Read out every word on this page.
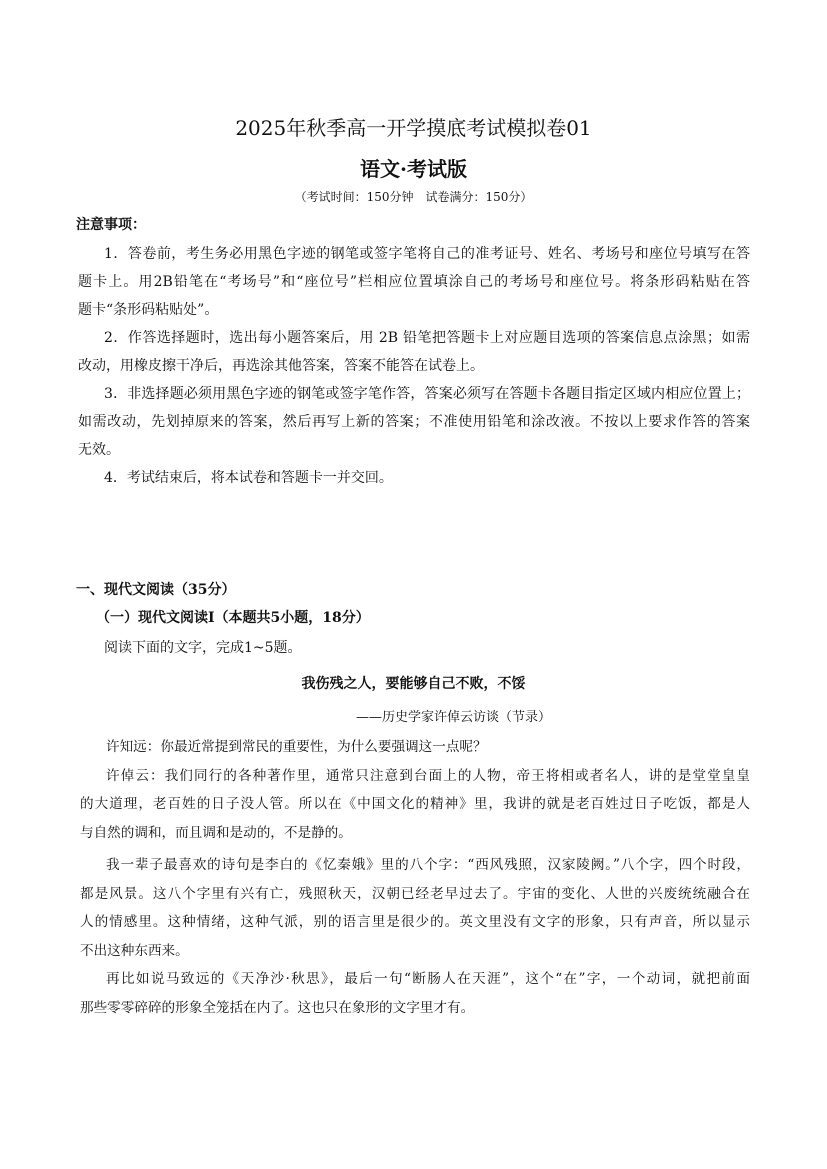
2025年秋季高一开学摸底考试模拟卷01
语文·考试版
（考试时间：150分钟　试卷满分：150分）
注意事项：
1．答卷前，考生务必用黑色字迹的钢笔或签字笔将自己的准考证号、姓名、考场号和座位号填写在答
题卡上。用2B铅笔在“考场号”和“座位号”栏相应位置填涂自己的考场号和座位号。将条形码粘贴在答
题卡“条形码粘贴处”。
2．作答选择题时，选出每小题答案后，用 2B 铅笔把答题卡上对应题目选项的答案信息点涂黑；如需
改动，用橡皮擦干净后，再选涂其他答案，答案不能答在试卷上。
3．非选择题必须用黑色字迹的钢笔或签字笔作答，答案必须写在答题卡各题目指定区域内相应位置上；
如需改动，先划掉原来的答案，然后再写上新的答案；不准使用铅笔和涂改液。不按以上要求作答的答案
无效。
4．考试结束后，将本试卷和答题卡一并交回。
一、现代文阅读（35分）
（一）现代文阅读Ⅰ（本题共5小题，18分）
阅读下面的文字，完成1~5题。
我伤残之人，要能够自己不败，不馁
——历史学家许倬云访谈（节录）
许知远：你最近常提到常民的重要性，为什么要强调这一点呢？
许倬云：我们同行的各种著作里，通常只注意到台面上的人物，帝王将相或者名人，讲的是堂堂皇皇
的大道理，老百姓的日子没人管。所以在《中国文化的精神》里，我讲的就是老百姓过日子吃饭，都是人
与自然的调和，而且调和是动的，不是静的。
我一辈子最喜欢的诗句是李白的《忆秦娥》里的八个字：“西风残照，汉家陵阙。”八个字，四个时段，
都是风景。这八个字里有兴有亡，残照秋天，汉朝已经老早过去了。宇宙的变化、人世的兴废统统融合在
人的情感里。这种情绪，这种气派，别的语言里是很少的。英文里没有文字的形象，只有声音，所以显示
不出这种东西来。
再比如说马致远的《天净沙·秋思》，最后一句“断肠人在天涯”，这个“在”字，一个动词，就把前面
那些零零碎碎的形象全笼括在内了。这也只在象形的文字里才有。
